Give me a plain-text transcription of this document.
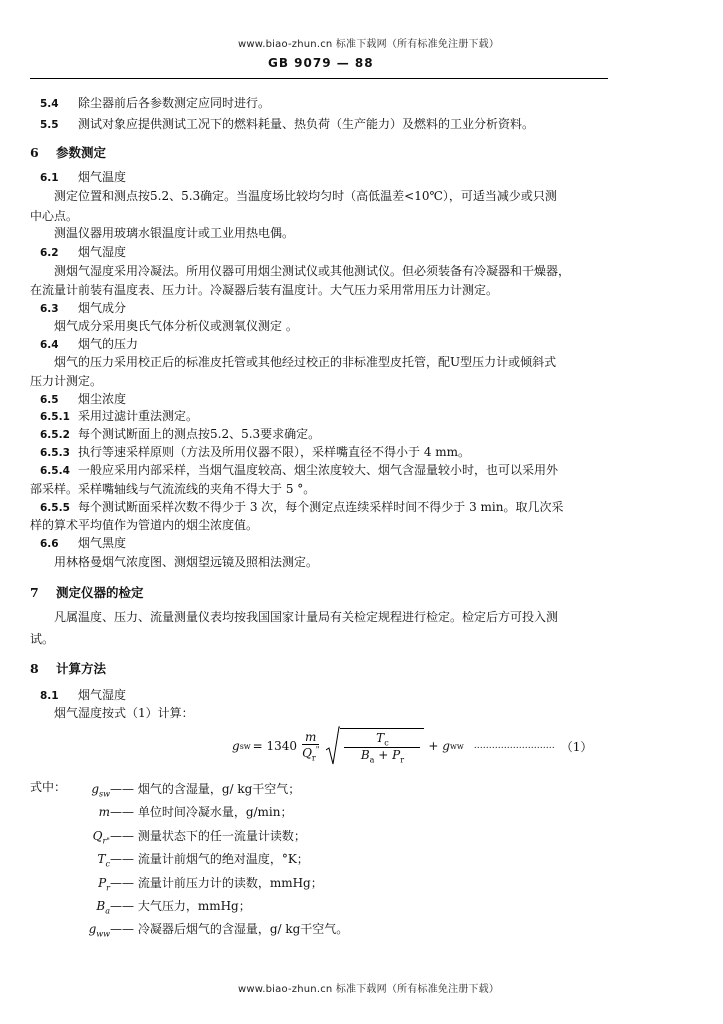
www.biao-zhun.cn 标准下载网（所有标准免注册下载）
GB 9079 — 88
5.4 除尘器前后各参数测定应同时进行。
5.5 测试对象应提供测试工况下的燃料耗量、热负荷（生产能力）及燃料的工业分析资料。
6 参数测定
6.1 烟气温度
测定位置和测点按5.2、5.3确定。当温度场比较均匀时（高低温差<10℃），可适当减少或只测
中心点。
测温仪器用玻璃水银温度计或工业用热电偶。
6.2 烟气湿度
测烟气湿度采用冷凝法。所用仪器可用烟尘测试仪或其他测试仪。但必须装备有冷凝器和干燥器，
在流量计前装有温度表、压力计。冷凝器后装有温度计。大气压力采用常用压力计测定。
6.3 烟气成分
烟气成分采用奥氏气体分析仪或测氧仪测定 。
6.4 烟气的压力
烟气的压力采用校正后的标准皮托管或其他经过校正的非标准型皮托管，配U型压力计或倾斜式
压力计测定。
6.5 烟尘浓度
6.5.1 采用过滤计重法测定。
6.5.2 每个测试断面上的测点按5.2、5.3要求确定。
6.5.3 执行等速采样原则（方法及所用仪器不限），采样嘴直径不得小于 4 mm。
6.5.4 一般应采用内部采样，当烟气温度较高、烟尘浓度较大、烟气含湿量较小时，也可以采用外
部采样。采样嘴轴线与气流流线的夹角不得大于 5 °。
6.5.5 每个测试断面采样次数不得少于 3 次，每个测定点连续采样时间不得少于 3 min。取几次采
样的算术平均值作为管道内的烟尘浓度值。
6.6 烟气黑度
用林格曼烟气浓度图、测烟望远镜及照相法测定。
7 测定仪器的检定
凡属温度、压力、流量测量仪表均按我国国家计量局有关检定规程进行检定。检定后方可投入测
试。
8 计算方法
8.1 烟气湿度
烟气湿度按式（1）计算：
g sw = $1340 \frac{m}{Q_r^"} \frac{T_c}{B_a + P_r} + g$ ww ……………………… （1）
式中：	$g_{sw}——$ 烟气的含湿量，g/ kg干空气；
m—— 单位时间冷凝水量，g/min；
$Q_{r"}——$ 测量状态下的任一流量计读数；
$T_c——$ 流量计前烟气的绝对温度，°K；
$P_r——$ 流量计前压力计的读数，mmHg；
$B_a——$ 大气压力，mmHg；
$g_{ww}——$ 冷凝器后烟气的含湿量，g/ kg干空气。
www.biao-zhun.cn 标准下载网（所有标准免注册下载）
